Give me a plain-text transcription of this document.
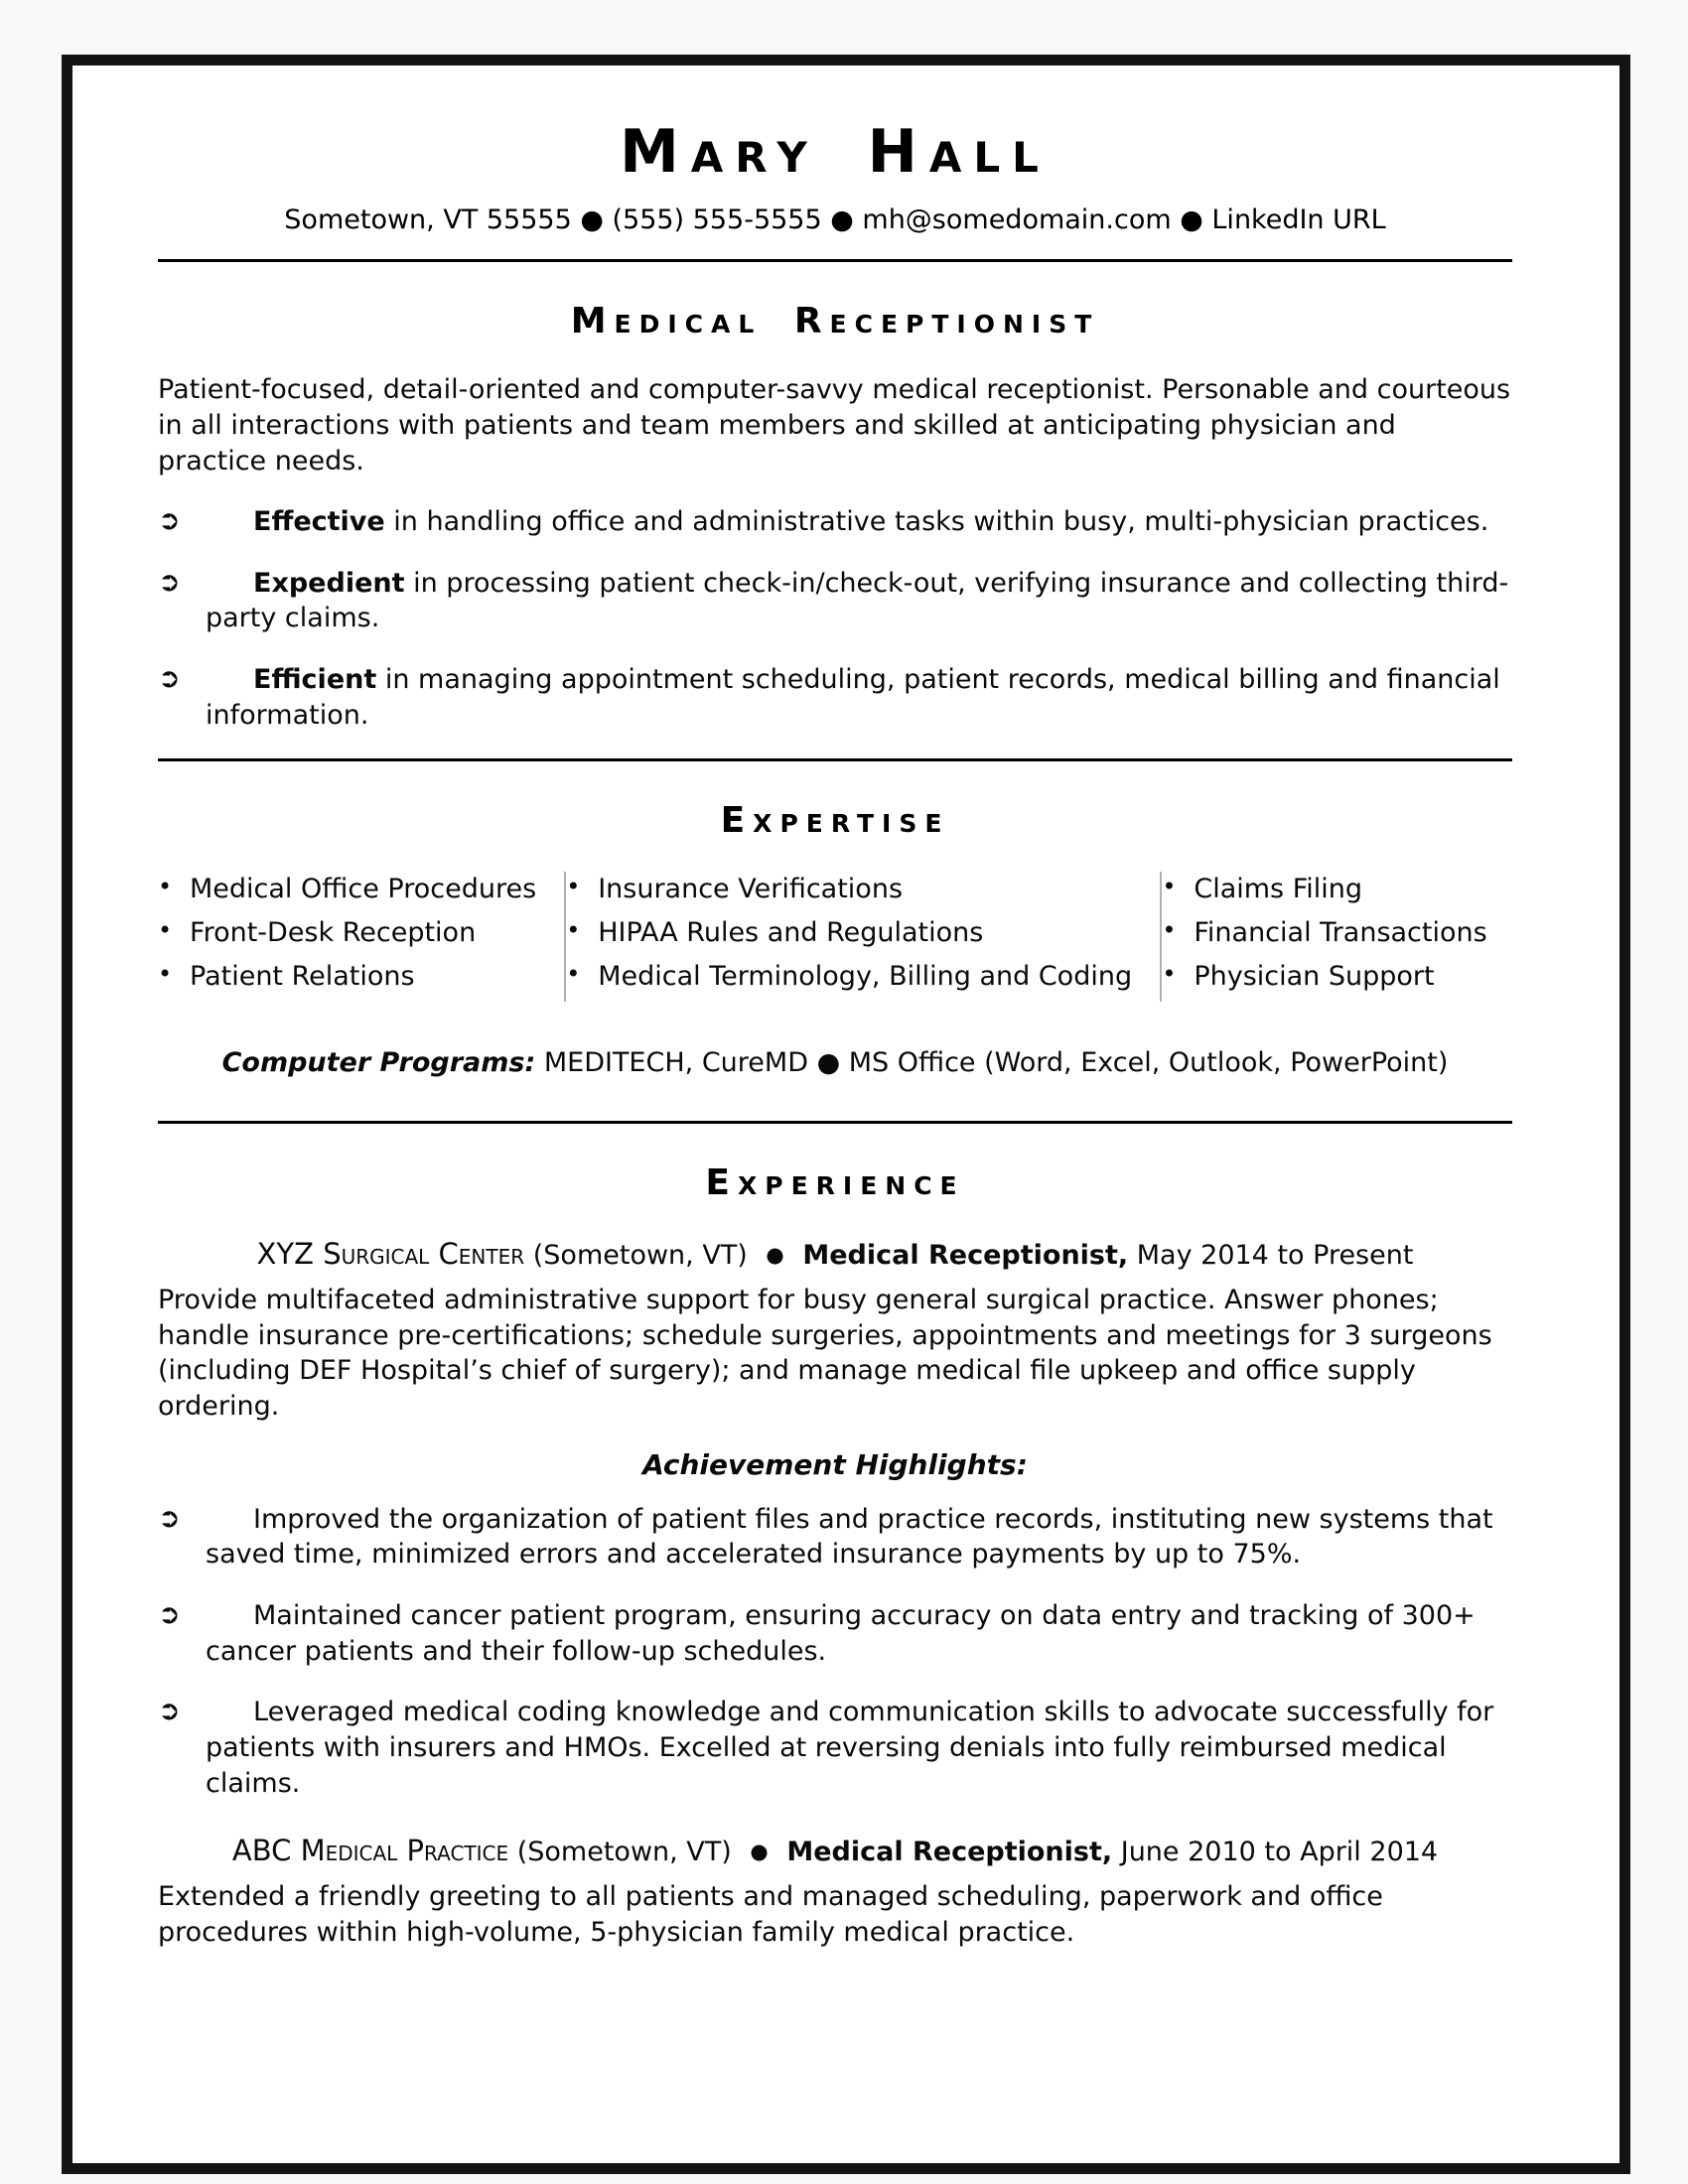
Mary Hall
Sometown, VT 55555 ● (555) 555-5555 ● mh@somedomain.com ● LinkedIn URL
Medical Receptionist

Patient-focused, detail-oriented and computer-savvy medical receptionist. Personable and courteous in all interactions with patients and team members and skilled at anticipating physician and practice needs.

➲	Effective in handling office and administrative tasks within busy, multi-physician practices.

➲	Expedient in processing patient check-in/check-out, verifying insurance and collecting third-party claims.

➲	Efficient in managing appointment scheduling, patient records, medical billing and financial information.

Expertise
• Medical Office Procedures
• Front-Desk Reception
• Patient Relations
• Insurance Verifications
• HIPAA Rules and Regulations
• Medical Terminology, Billing and Coding
• Claims Filing
• Financial Transactions
• Physician Support

Computer Programs: MEDITECH, CureMD ● MS Office (Word, Excel, Outlook, PowerPoint)

Experience

XYZ Surgical Center (Sometown, VT) ● Medical Receptionist, May 2014 to Present

Provide multifaceted administrative support for busy general surgical practice. Answer phones; handle insurance pre-certifications; schedule surgeries, appointments and meetings for 3 surgeons (including DEF Hospital’s chief of surgery); and manage medical file upkeep and office supply ordering.

Achievement Highlights:
➲	Improved the organization of patient files and practice records, instituting new systems that saved time, minimized errors and accelerated insurance payments by up to 75%.

➲	Maintained cancer patient program, ensuring accuracy on data entry and tracking of 300+ cancer patients and their follow-up schedules.

➲	Leveraged medical coding knowledge and communication skills to advocate successfully for patients with insurers and HMOs. Excelled at reversing denials into fully reimbursed medical claims.

ABC Medical Practice (Sometown, VT) ● Medical Receptionist, June 2010 to April 2014

Extended a friendly greeting to all patients and managed scheduling, paperwork and office procedures within high-volume, 5-physician family medical practice.
